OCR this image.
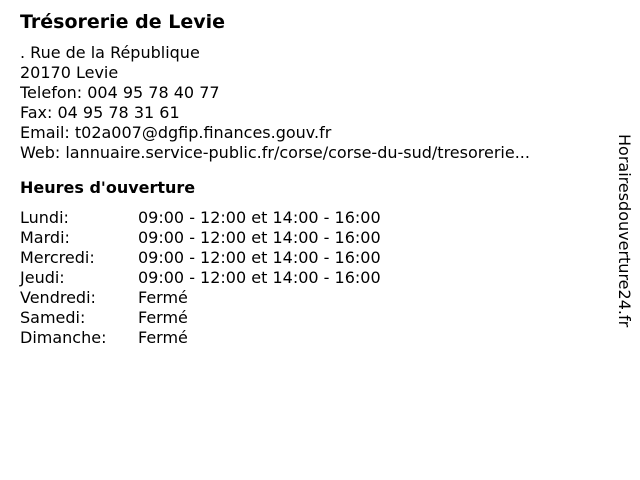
Trésorerie de Levie
. Rue de la République
20170 Levie
Telefon: 004 95 78 40 77
Fax: 04 95 78 31 61
Email: t02a007@dgfip.finances.gouv.fr
Web: lannuaire.service-public.fr/corse/corse-du-sud/tresorerie...
Heures d'ouverture
Lundi:	09:00 - 12:00 et 14:00 - 16:00
Mardi:	09:00 - 12:00 et 14:00 - 16:00
Mercredi:	09:00 - 12:00 et 14:00 - 16:00
Jeudi:	09:00 - 12:00 et 14:00 - 16:00
Vendredi:	Fermé
Samedi:	Fermé
Dimanche:	Fermé
Horairesdouverture24.fr
